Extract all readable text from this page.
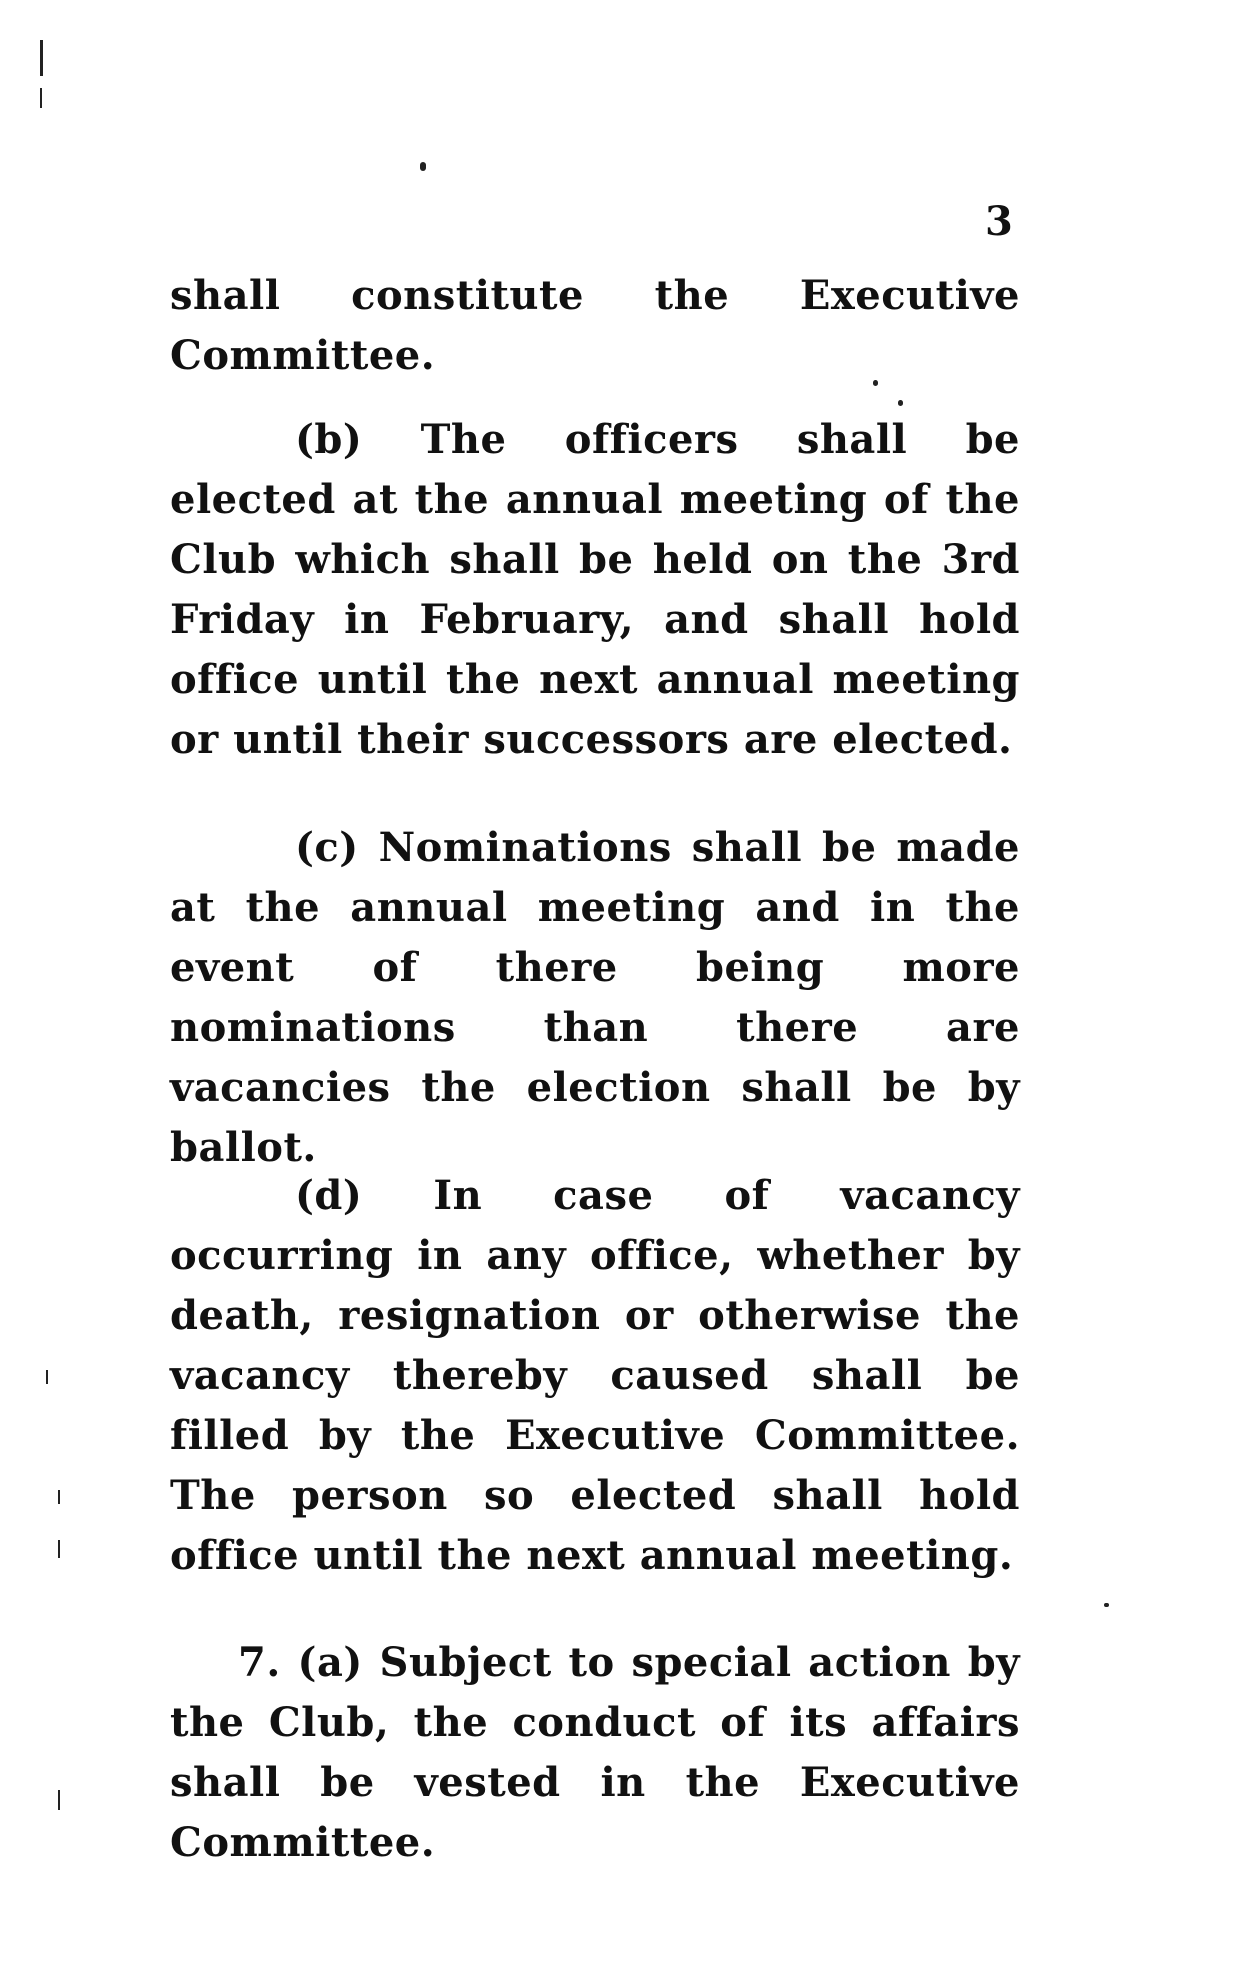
3

shall constitute the Executive Committee.

(b) The officers shall be elected at the annual meeting of the Club which shall be held on the 3rd Friday in February, and shall hold office until the next annual meeting or until their successors are elected.

(c) Nominations shall be made at the annual meeting and in the event of there being more nominations than there are vacancies the election shall be by ballot.

(d) In case of vacancy occurring in any office, whether by death, resignation or otherwise the vacancy thereby caused shall be filled by the Executive Committee. The person so elected shall hold office until the next annual meeting.

7. (a) Subject to special action by the Club, the conduct of its affairs shall be vested in the Executive Committee.
